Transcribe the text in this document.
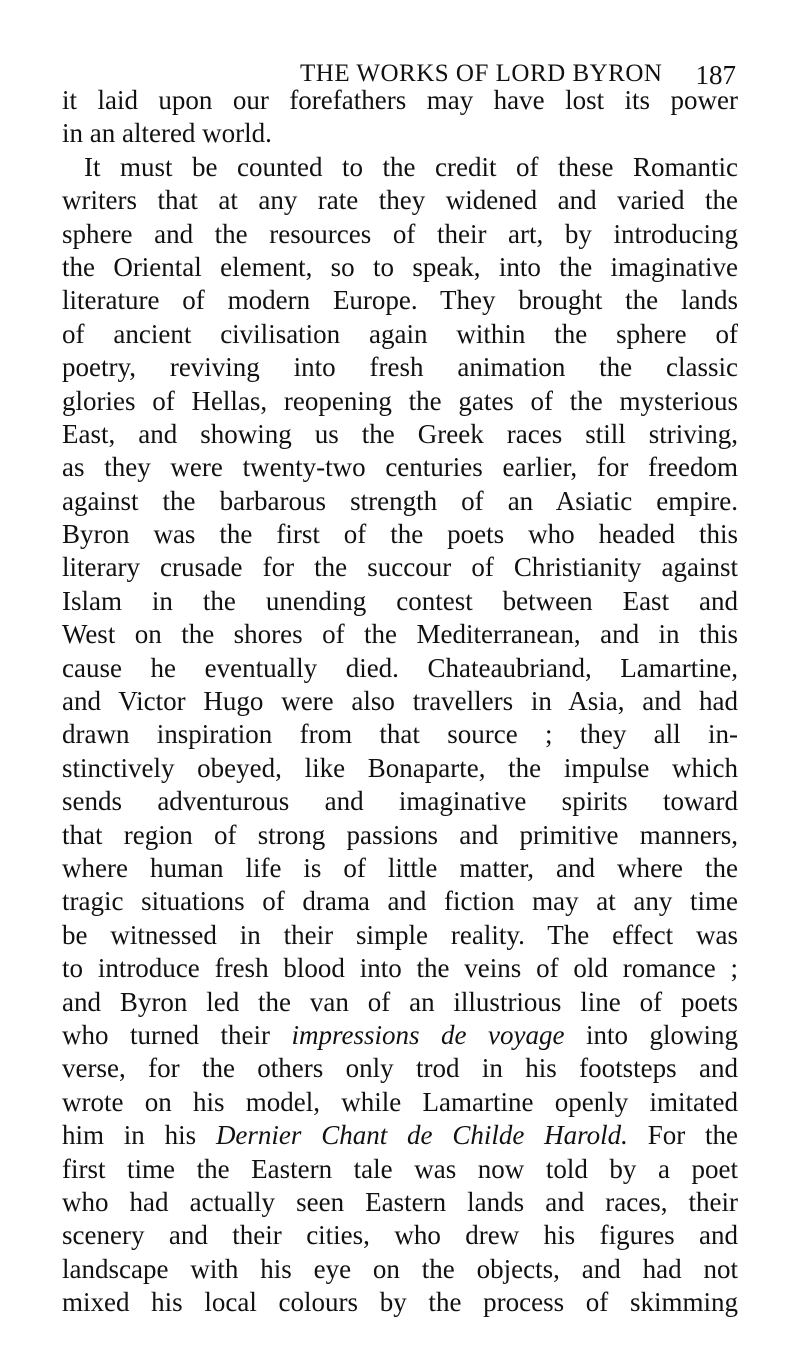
THE WORKS OF LORD BYRON 187
it laid upon our forefathers may have lost its power
in an altered world.
It must be counted to the credit of these Romantic
writers that at any rate they widened and varied the
sphere and the resources of their art, by introducing
the Oriental element, so to speak, into the imaginative
literature of modern Europe. They brought the lands
of ancient civilisation again within the sphere of
poetry, reviving into fresh animation the classic
glories of Hellas, reopening the gates of the mysterious
East, and showing us the Greek races still striving,
as they were twenty-two centuries earlier, for freedom
against the barbarous strength of an Asiatic empire.
Byron was the first of the poets who headed this
literary crusade for the succour of Christianity against
Islam in the unending contest between East and
West on the shores of the Mediterranean, and in this
cause he eventually died. Chateaubriand, Lamartine,
and Victor Hugo were also travellers in Asia, and had
drawn inspiration from that source ; they all in-
stinctively obeyed, like Bonaparte, the impulse which
sends adventurous and imaginative spirits toward
that region of strong passions and primitive manners,
where human life is of little matter, and where the
tragic situations of drama and fiction may at any time
be witnessed in their simple reality. The effect was
to introduce fresh blood into the veins of old romance ;
and Byron led the van of an illustrious line of poets
who turned their impressions de voyage into glowing
verse, for the others only trod in his footsteps and
wrote on his model, while Lamartine openly imitated
him in his Dernier Chant de Childe Harold. For the
first time the Eastern tale was now told by a poet
who had actually seen Eastern lands and races, their
scenery and their cities, who drew his figures and
landscape with his eye on the objects, and had not
mixed his local colours by the process of skimming
